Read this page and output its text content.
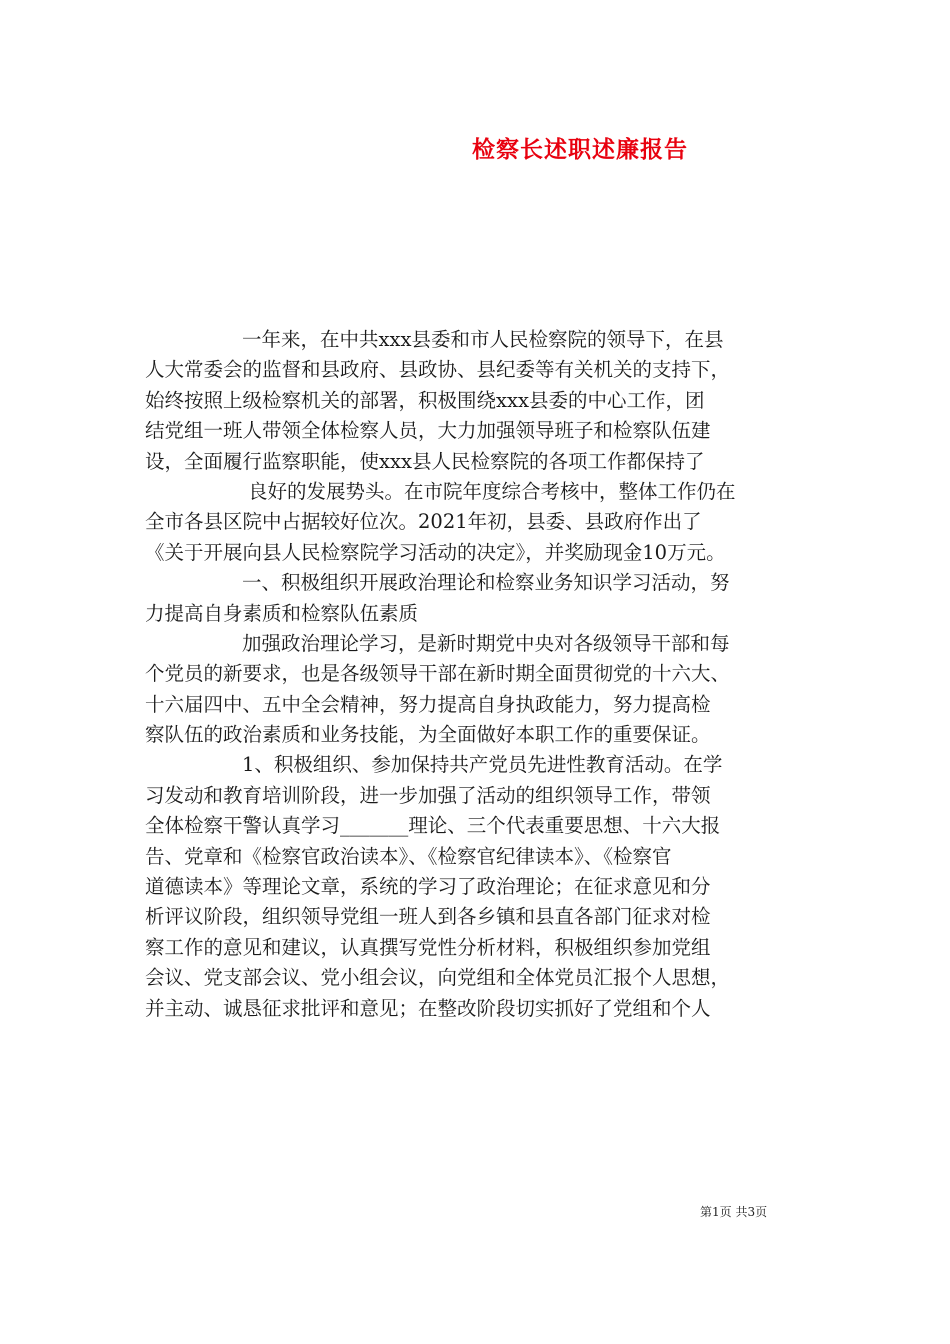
检察长述职述廉报告
一年来，在中共xxx县委和市人民检察院的领导下，在县
人大常委会的监督和县政府、县政协、县纪委等有关机关的支持下，
始终按照上级检察机关的部署，积极围绕xxx县委的中心工作，团
结党组一班人带领全体检察人员，大力加强领导班子和检察队伍建
设，全面履行监察职能，使xxx县人民检察院的各项工作都保持了
良好的发展势头。在市院年度综合考核中，整体工作仍在
全市各县区院中占据较好位次。2021年初，县委、县政府作出了
《关于开展向县人民检察院学习活动的决定》，并奖励现金10万元。
一、积极组织开展政治理论和检察业务知识学习活动，努
力提高自身素质和检察队伍素质
加强政治理论学习，是新时期党中央对各级领导干部和每
个党员的新要求，也是各级领导干部在新时期全面贯彻党的十六大、
十六届四中、五中全会精神，努力提高自身执政能力，努力提高检
察队伍的政治素质和业务技能，为全面做好本职工作的重要保证。
1、积极组织、参加保持共产党员先进性教育活动。在学
习发动和教育培训阶段，进一步加强了活动的组织领导工作，带领
全体检察干警认真学习_______理论、三个代表重要思想、十六大报
告、党章和《检察官政治读本》、《检察官纪律读本》、《检察官
道德读本》等理论文章，系统的学习了政治理论；在征求意见和分
析评议阶段，组织领导党组一班人到各乡镇和县直各部门征求对检
察工作的意见和建议，认真撰写党性分析材料，积极组织参加党组
会议、党支部会议、党小组会议，向党组和全体党员汇报个人思想，
并主动、诚恳征求批评和意见；在整改阶段切实抓好了党组和个人
第1页 共3页
